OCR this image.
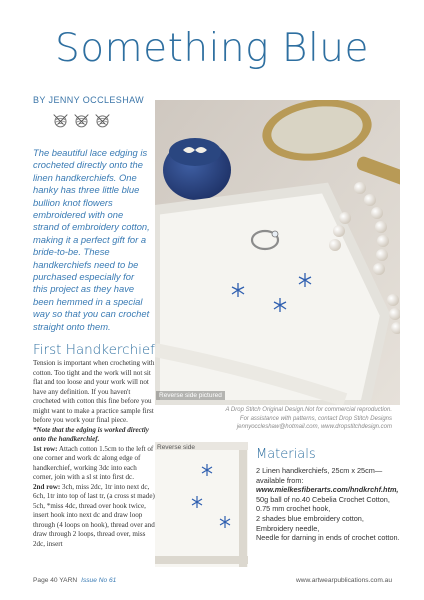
Something Blue
BY JENNY OCCLESHAW
The beautiful lace edging is crocheted directly onto the linen handkerchiefs. One hanky has three little blue bullion knot flowers embroidered with one strand of embroidery cotton, making it a perfect gift for a bride-to-be. These handkerchiefs need to be purchased especially for this project as they have been hemmed in a special way so that you can crochet straight onto them.
Reverse side pictured
A Drop Stitch Original Design.Not for commercial reproduction.
For assistance with patterns, contact Drop Stitch Designs
jennyoccleshaw@hotmail.com, www.dropstitchdesign.com
First Handkerchief
Tension is important when crocheting with cotton. Too tight and the work will not sit flat and too loose and your work will not have any definition. If you haven't crocheted with cotton this fine before you might want to make a practice sample first before you work your final piece.
*Note that the edging is worked directly onto the handkerchief.
1st row: Attach cotton 1.5cm to the left of one corner and work dc along edge of handkerchief, working 3dc into each corner, join with a sl st into first dc.
2nd row: 3ch, miss 2dc, 1tr into next dc, 6ch, 1tr into top of last tr, (a cross st made) 5ch, *miss 4dc, thread over hook twice, insert hook into next dc and draw loop through (4 loops on hook), thread over and draw through 2 loops, thread over, miss 2dc, insert
Reverse side	Materials
2 Linen handkerchiefs, 25cm x 25cm—available from:
www.mielkesfiberarts.com/hndkrchf.htm,
50g ball of no.40 Cebelia Crochet Cotton,
0.75 mm crochet hook,
2 shades blue embroidery cotton,
Embroidery needle,
Needle for darning in ends of crochet cotton.
Page 40 YARN Issue No 61	www.artwearpublications.com.au
